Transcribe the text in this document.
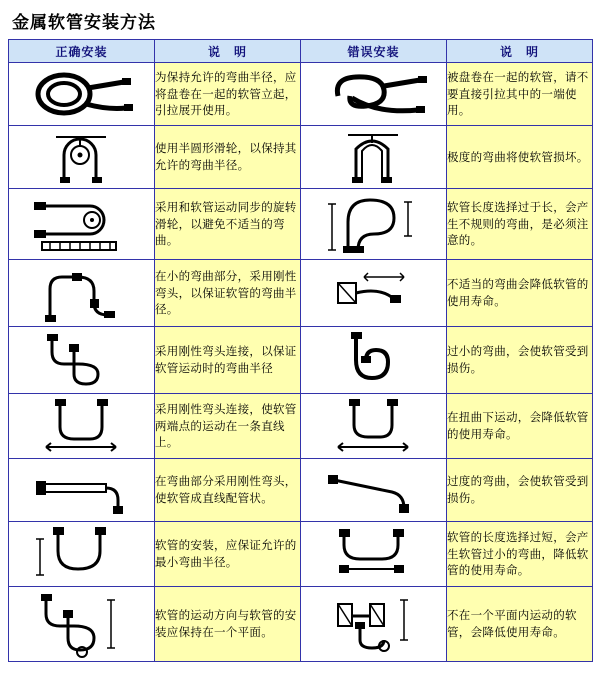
金属软管安装方法
正确安装	说　明	错误安装	说　明

	为保持允许的弯曲半径，应将盘卷在一起的软管立起，引拉展开使用。		被盘卷在一起的软管，请不要直接引拉其中的一端使用。

	使用半圆形滑轮，以保持其允许的弯曲半径。		极度的弯曲将使软管损坏。

	采用和软管运动同步的旋转滑轮，以避免不适当的弯曲。		软管长度选择过于长，会产生不规则的弯曲，是必须注意的。

	在小的弯曲部分，采用刚性弯头，以保证软管的弯曲半径。		不适当的弯曲会降低软管的使用寿命。

	采用刚性弯头连接，以保证软管运动时的弯曲半径		过小的弯曲，会使软管受到损伤。

	采用刚性弯头连接，使软管两端点的运动在一条直线上。		在扭曲下运动，会降低软管的使用寿命。

	在弯曲部分采用刚性弯头，使软管成直线配管状。		过度的弯曲，会使软管受到损伤。

	软管的安装，应保证允许的最小弯曲半径。		软管的长度选择过短，会产生软管过小的弯曲，降低软管的使用寿命。

	软管的运动方向与软管的安装应保持在一个平面。		不在一个平面内运动的软管，会降低使用寿命。
